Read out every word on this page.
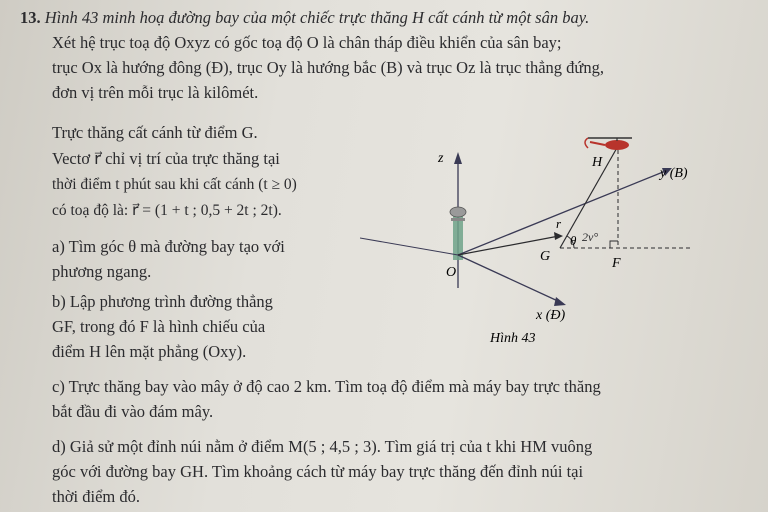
13. Hình 43 minh hoạ đường bay của một chiếc trực thăng H cất cánh từ một sân bay.
Xét hệ trục toạ độ Oxyz có gốc toạ độ O là chân tháp điều khiển của sân bay;
trục Ox là hướng đông (Đ), trục Oy là hướng bắc (B) và trục Oz là trục thẳng đứng,
đơn vị trên mỗi trục là kilômét.
Trực thăng cất cánh từ điểm G.
Vectơ r⃗ chỉ vị trí của trực thăng tại
thời điểm t phút sau khi cất cánh (t ≥ 0)
có toạ độ là: r⃗ = (1 + t ; 0,5 + 2t ; 2t).
a) Tìm góc θ mà đường bay tạo với
phương ngang.
b) Lập phương trình đường thẳng
GF, trong đó F là hình chiếu của
điểm H lên mặt phẳng (Oxy).
c) Trực thăng bay vào mây ở độ cao 2 km. Tìm toạ độ điểm mà máy bay trực thăng
bắt đầu đi vào đám mây.
d) Giả sử một đỉnh núi nằm ở điểm M(5 ; 4,5 ; 3). Tìm giá trị của t khi HM vuông
góc với đường bay GH. Tìm khoảng cách từ máy bay trực thăng đến đỉnh núi tại
thời điểm đó.
z
y (B)
x (Đ)
O
r⃗
G	F
θ 2v°
H
Hình 43
